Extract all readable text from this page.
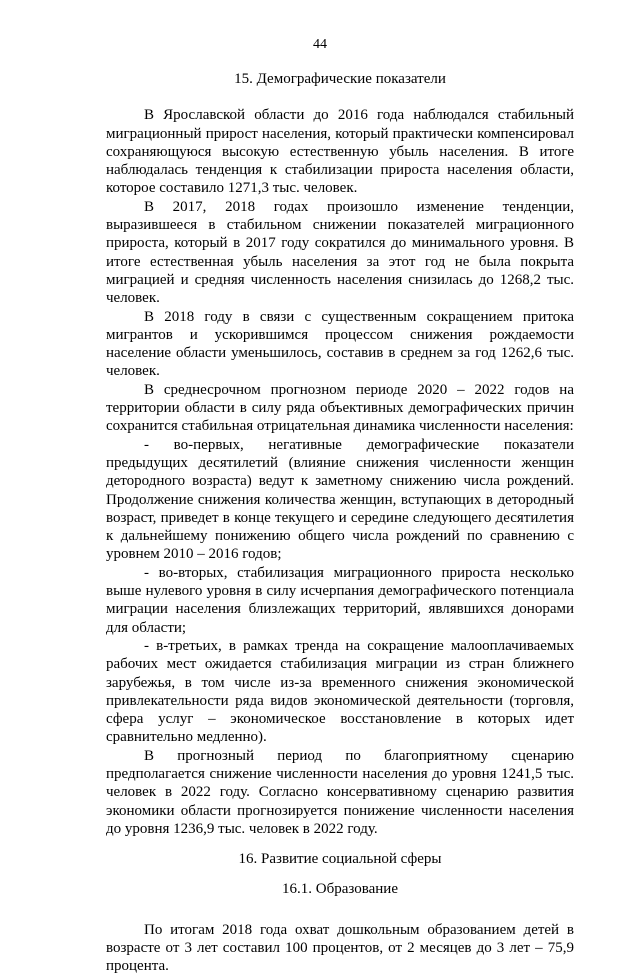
44
15. Демографические показатели

В Ярославской области до 2016 года наблюдался стабильный миграционный прирост населения, который практически компенсировал сохраняющуюся высокую естественную убыль населения. В итоге наблюдалась тенденция к стабилизации прироста населения области, которое составило 1271,3 тыс. человек.

В 2017, 2018 годах произошло изменение тенденции, выразившееся в стабильном снижении показателей миграционного прироста, который в 2017 году сократился до минимального уровня. В итоге естественная убыль населения за этот год не была покрыта миграцией и средняя численность населения снизилась до 1268,2 тыс. человек.

В 2018 году в связи с существенным сокращением притока мигрантов и ускорившимся процессом снижения рождаемости население области уменьшилось, составив в среднем за год 1262,6 тыс. человек.

В среднесрочном прогнозном периоде 2020 – 2022 годов на территории области в силу ряда объективных демографических причин сохранится стабильная отрицательная динамика численности населения:

- во-первых, негативные демографические показатели предыдущих десятилетий (влияние снижения численности женщин детородного возраста) ведут к заметному снижению числа рождений. Продолжение снижения количества женщин, вступающих в детородный возраст, приведет в конце текущего и середине следующего десятилетия к дальнейшему понижению общего числа рождений по сравнению с уровнем 2010 – 2016 годов;

- во-вторых, стабилизация миграционного прироста несколько выше нулевого уровня в силу исчерпания демографического потенциала миграции населения близлежащих территорий, являвшихся донорами для области;

- в-третьих, в рамках тренда на сокращение малооплачиваемых рабочих мест ожидается стабилизация миграции из стран ближнего зарубежья, в том числе из-за временного снижения экономической привлекательности ряда видов экономической деятельности (торговля, сфера услуг – экономическое восстановление в которых идет сравнительно медленно).

В прогнозный период по благоприятному сценарию предполагается снижение численности населения до уровня 1241,5 тыс. человек в 2022 году. Согласно консервативному сценарию развития экономики области прогнозируется понижение численности населения до уровня 1236,9 тыс. человек в 2022 году.

16. Развитие социальной сферы
16.1. Образование

По итогам 2018 года охват дошкольным образованием детей в возрасте от 3 лет составил 100 процентов, от 2 месяцев до 3 лет – 75,9 процента.
